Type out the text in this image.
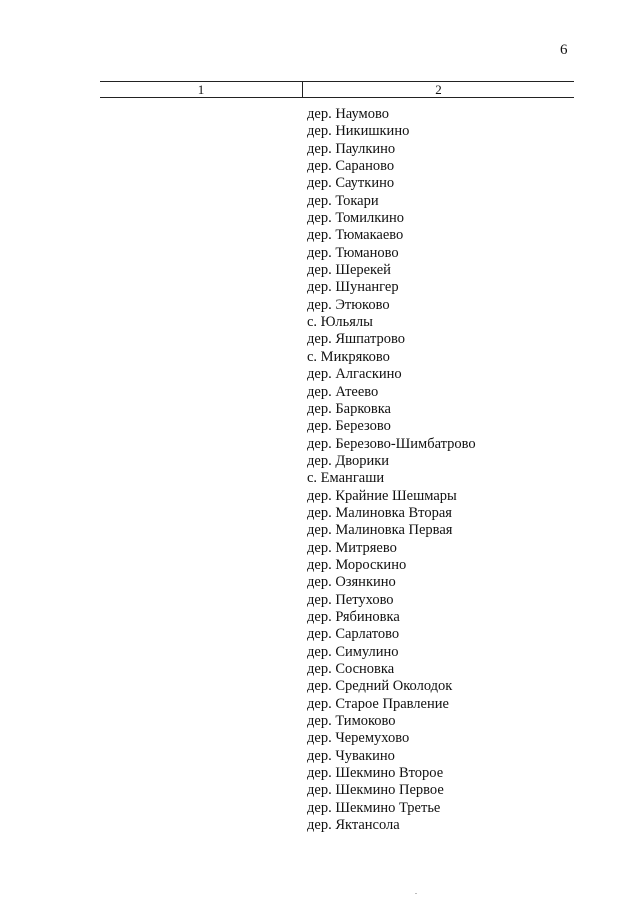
6
1	2
дер. Наумово
дер. Никишкино
дер. Паулкино
дер. Сараново
дер. Сауткино
дер. Токари
дер. Томилкино
дер. Тюмакаево
дер. Тюманово
дер. Шерекей
дер. Шунангер
дер. Этюково
с. Юльялы
дер. Яшпатрово
с. Микряково
дер. Алгаскино
дер. Атеево
дер. Барковка
дер. Березово
дер. Березово-Шимбатрово
дер. Дворики
с. Емангаши
дер. Крайние Шешмары
дер. Малиновка Вторая
дер. Малиновка Первая
дер. Митряево
дер. Мороскино
дер. Озянкино
дер. Петухово
дер. Рябиновка
дер. Сарлатово
дер. Симулино
дер. Сосновка
дер. Средний Околодок
дер. Старое Правление
дер. Тимоково
дер. Черемухово
дер. Чувакино
дер. Шекмино Второе
дер. Шекмино Первое
дер. Шекмино Третье
дер. Яктансола
